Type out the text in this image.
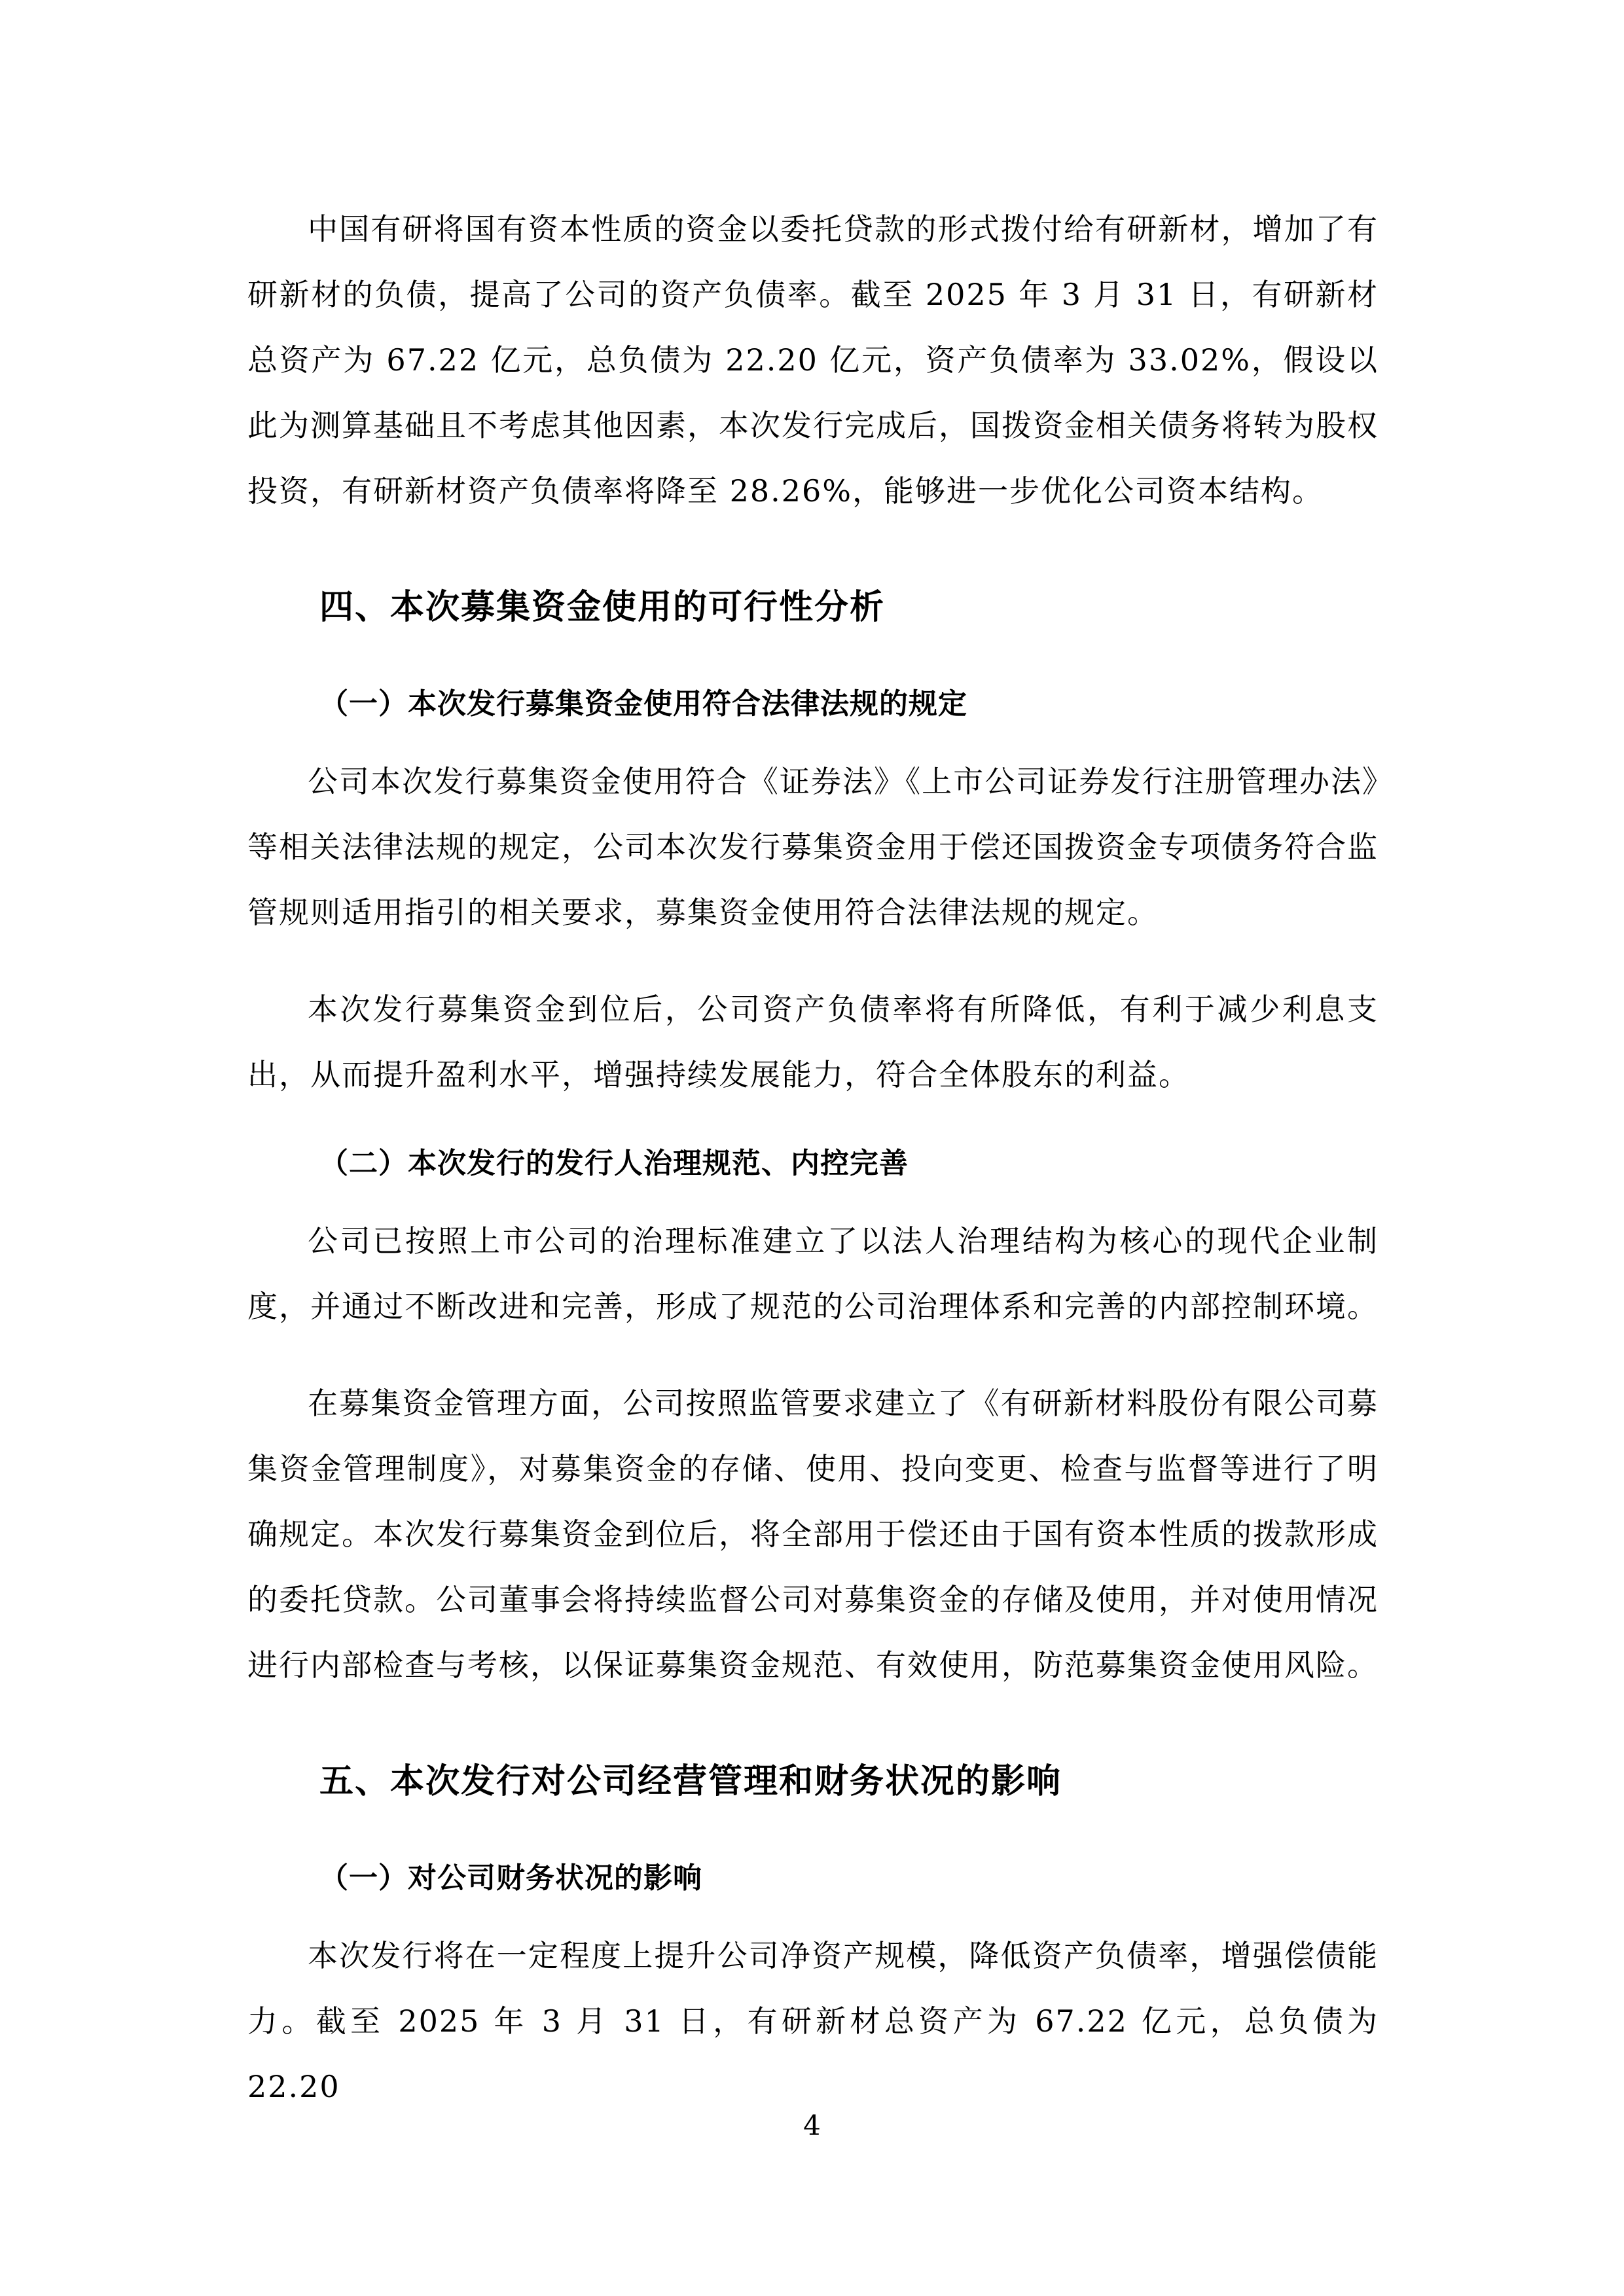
中国有研将国有资本性质的资金以委托贷款的形式拨付给有研新材，增加了有研新材的负债，提高了公司的资产负债率。截至 2025 年 3 月 31 日，有研新材总资产为 67.22 亿元，总负债为 22.20 亿元，资产负债率为 33.02%，假设以此为测算基础且不考虑其他因素，本次发行完成后，国拨资金相关债务将转为股权投资，有研新材资产负债率将降至 28.26%，能够进一步优化公司资本结构。

四、本次募集资金使用的可行性分析
（一）本次发行募集资金使用符合法律法规的规定

公司本次发行募集资金使用符合《证券法》《上市公司证券发行注册管理办法》等相关法律法规的规定，公司本次发行募集资金用于偿还国拨资金专项债务符合监管规则适用指引的相关要求，募集资金使用符合法律法规的规定。

本次发行募集资金到位后，公司资产负债率将有所降低，有利于减少利息支出，从而提升盈利水平，增强持续发展能力，符合全体股东的利益。

（二）本次发行的发行人治理规范、内控完善

公司已按照上市公司的治理标准建立了以法人治理结构为核心的现代企业制度，并通过不断改进和完善，形成了规范的公司治理体系和完善的内部控制环境。

在募集资金管理方面，公司按照监管要求建立了《有研新材料股份有限公司募集资金管理制度》，对募集资金的存储、使用、投向变更、检查与监督等进行了明确规定。本次发行募集资金到位后，将全部用于偿还由于国有资本性质的拨款形成的委托贷款。公司董事会将持续监督公司对募集资金的存储及使用，并对使用情况进行内部检查与考核，以保证募集资金规范、有效使用，防范募集资金使用风险。

五、本次发行对公司经营管理和财务状况的影响
（一）对公司财务状况的影响

本次发行将在一定程度上提升公司净资产规模，降低资产负债率，增强偿债能力。截至 2025 年 3 月 31 日，有研新材总资产为 67.22 亿元，总负债为 22.20

4
